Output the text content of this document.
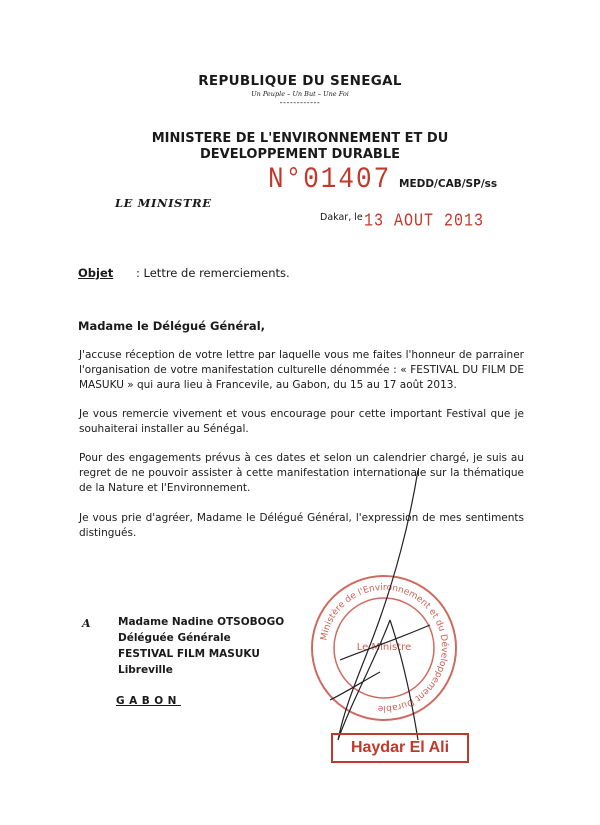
REPUBLIQUE DU SENEGAL
Un Peuple – Un But – Une Foi
------------
MINISTERE DE L'ENVIRONNEMENT ET DU
DEVELOPPEMENT DURABLE
N°01407 MEDD/CAB/SP/ss
LE MINISTRE
Dakar, le 13 AOUT 2013
Objet : Lettre de remerciements.
Madame le Délégué Général,
J'accuse réception de votre lettre par laquelle vous me faites l'honneur de parrainer l'organisation de votre manifestation culturelle dénommée : « FESTIVAL DU FILM DE MASUKU » qui aura lieu à Francevile, au Gabon, du 15 au 17 août 2013.
Je vous remercie vivement et vous encourage pour cette important Festival que je souhaiterai installer au Sénégal.
Pour des engagements prévus à ces dates et selon un calendrier chargé, je suis au regret de ne pouvoir assister à cette manifestation internationale sur la thématique de la Nature et l'Environnement.
Je vous prie d'agréer, Madame le Délégué Général, l'expression de mes sentiments distingués.
A	Madame Nadine OTSOBOGO
Déléguée Générale
FESTIVAL FILM MASUKU
Libreville
GABON
Ministère de l'Environnement et du Développement Durable
Le Ministre
Haydar El Ali
